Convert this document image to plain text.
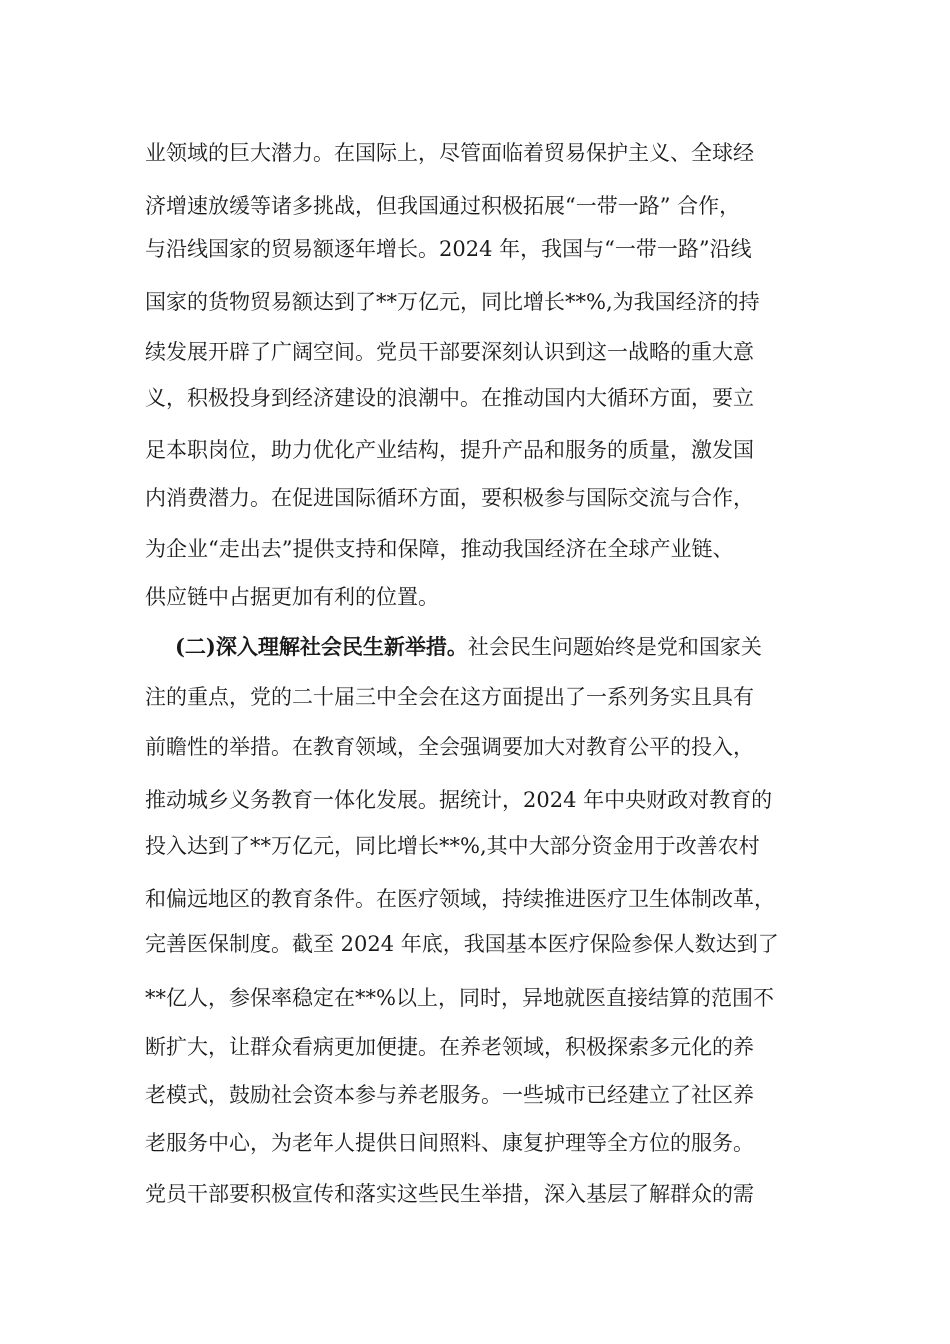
业领域的巨大潜力。在国际上，尽管面临着贸易保护主义、全球经
济增速放缓等诸多挑战，但我国通过积极拓展“一带一路” 合作，
与沿线国家的贸易额逐年增长。2024 年，我国与“一带一路”沿线
国家的货物贸易额达到了**万亿元，同比增长**%,为我国经济的持
续发展开辟了广阔空间。党员干部要深刻认识到这一战略的重大意
义，积极投身到经济建设的浪潮中。在推动国内大循环方面，要立
足本职岗位，助力优化产业结构，提升产品和服务的质量，激发国
内消费潜力。在促进国际循环方面，要积极参与国际交流与合作，
为企业“走出去”提供支持和保障，推动我国经济在全球产业链、
供应链中占据更加有利的位置。
(二)深入理解社会民生新举措。社会民生问题始终是党和国家关
注的重点，党的二十届三中全会在这方面提出了一系列务实且具有
前瞻性的举措。在教育领域，全会强调要加大对教育公平的投入，
推动城乡义务教育一体化发展。据统计，2024 年中央财政对教育的
投入达到了**万亿元，同比增长**%,其中大部分资金用于改善农村
和偏远地区的教育条件。在医疗领域，持续推进医疗卫生体制改革，
完善医保制度。截至 2024 年底，我国基本医疗保险参保人数达到了
**亿人，参保率稳定在**%以上，同时，异地就医直接结算的范围不
断扩大，让群众看病更加便捷。在养老领域，积极探索多元化的养
老模式，鼓励社会资本参与养老服务。一些城市已经建立了社区养
老服务中心，为老年人提供日间照料、康复护理等全方位的服务。
党员干部要积极宣传和落实这些民生举措，深入基层了解群众的需
